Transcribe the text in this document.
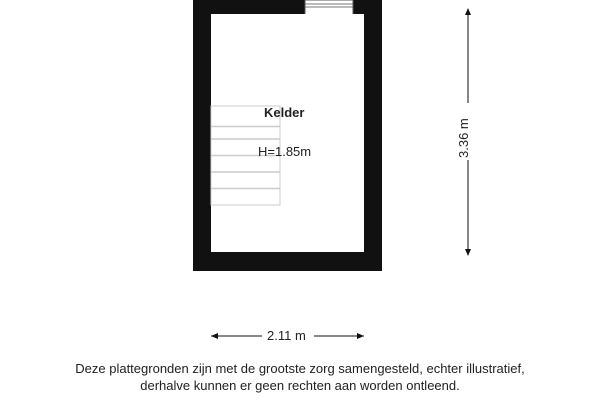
Kelder
H=1.85m
2.11 m
3.36 m
Deze plattegronden zijn met de grootste zorg samengesteld, echter illustratief,
derhalve kunnen er geen rechten aan worden ontleend.
